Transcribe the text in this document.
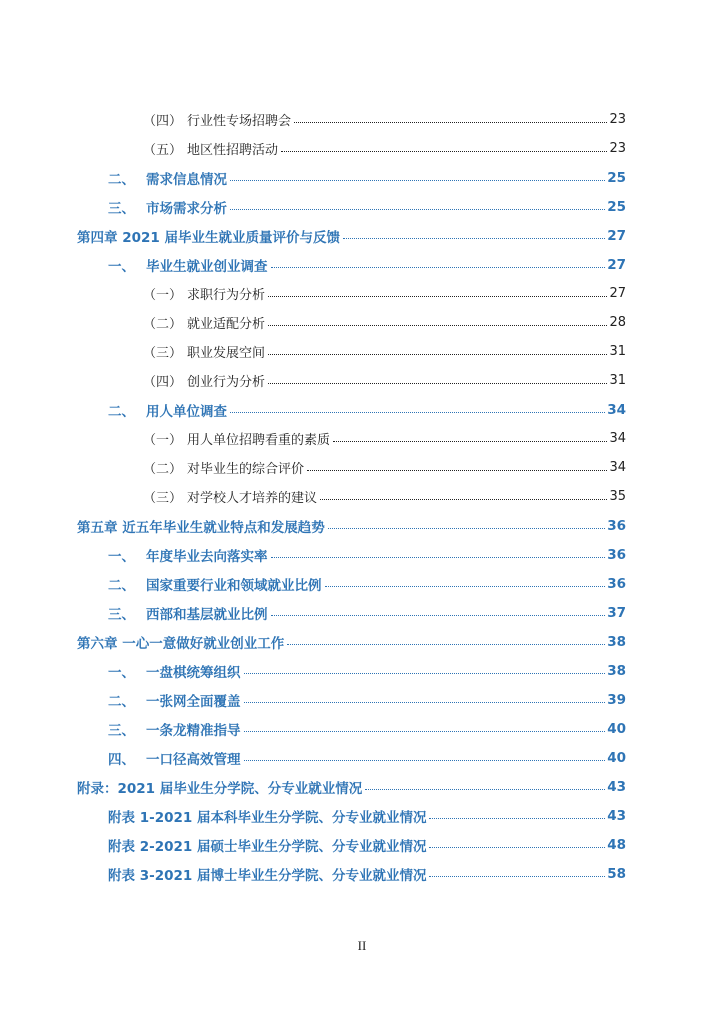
（四） 行业性专场招聘会	23
（五） 地区性招聘活动	23
二、 需求信息情况	25
三、 市场需求分析	25
第四章 2021 届毕业生就业质量评价与反馈	27
一、 毕业生就业创业调查	27
（一） 求职行为分析	27
（二） 就业适配分析	28
（三） 职业发展空间	31
（四） 创业行为分析	31
二、 用人单位调查	34
（一） 用人单位招聘看重的素质	34
（二） 对毕业生的综合评价	34
（三） 对学校人才培养的建议	35
第五章 近五年毕业生就业特点和发展趋势	36
一、 年度毕业去向落实率	36
二、 国家重要行业和领域就业比例	36
三、 西部和基层就业比例	37
第六章 一心一意做好就业创业工作	38
一、 一盘棋统筹组织	38
二、 一张网全面覆盖	39
三、 一条龙精准指导	40
四、 一口径高效管理	40
附录：2021 届毕业生分学院、分专业就业情况	43
附表 1-2021 届本科毕业生分学院、分专业就业情况	43
附表 2-2021 届硕士毕业生分学院、分专业就业情况	48
附表 3-2021 届博士毕业生分学院、分专业就业情况	58
II
